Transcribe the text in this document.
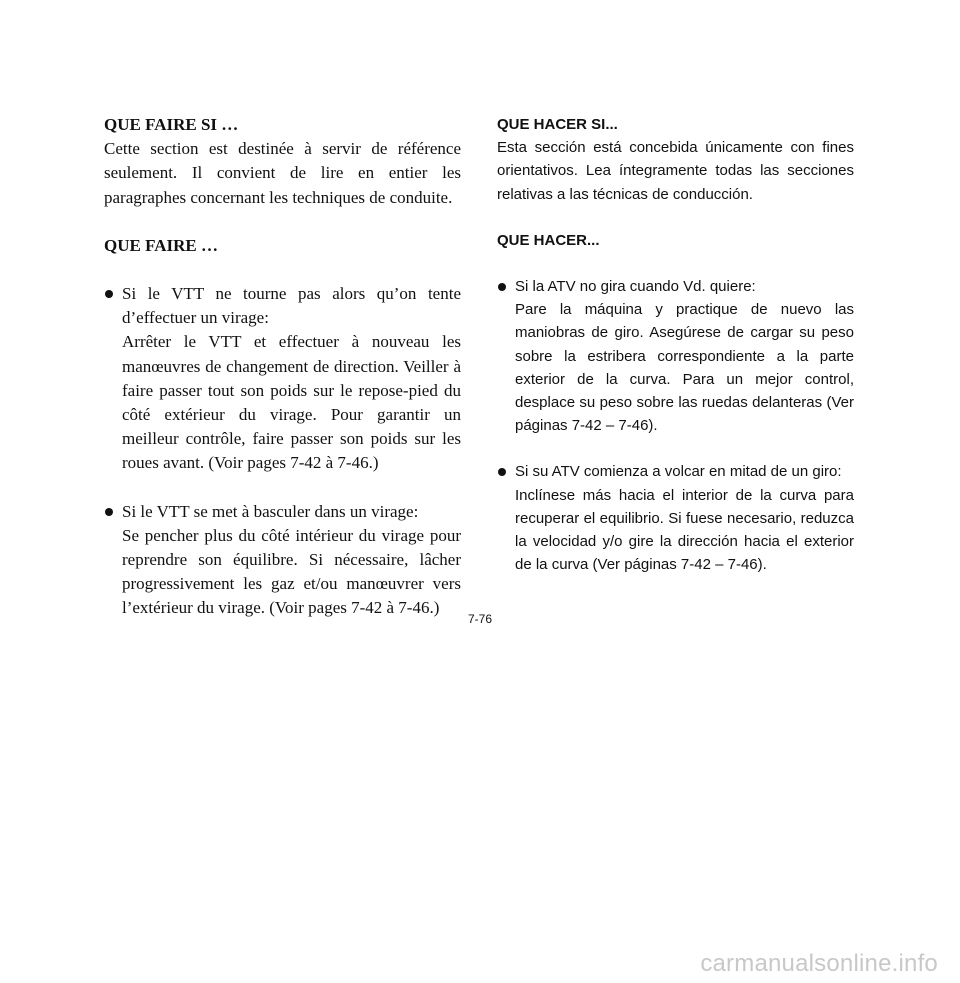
QUE FAIRE SI …

Cette section est destinée à servir de référence seulement. Il convient de lire en entier les paragraphes concernant les techniques de conduite.

QUE FAIRE …

Si le VTT ne tourne pas alors qu’on tente d’effectuer un virage:
Arrêter le VTT et effectuer à nouveau les manœuvres de changement de direction. Veiller à faire passer tout son poids sur le repose-pied du côté extérieur du virage. Pour garantir un meilleur contrôle, faire passer son poids sur les roues avant. (Voir pages 7-42 à 7-46.)
Si le VTT se met à basculer dans un virage:
Se pencher plus du côté intérieur du virage pour reprendre son équilibre. Si nécessaire, lâcher progressivement les gaz et/ou manœuvrer vers l’extérieur du virage. (Voir pages 7-42 à 7-46.)

QUE HACER SI...

Esta sección está concebida únicamente con fines orientativos. Lea íntegramente todas las secciones relativas a las técnicas de conducción.

QUE HACER...

Si la ATV no gira cuando Vd. quiere:
Pare la máquina y practique de nuevo las maniobras de giro. Asegúrese de cargar su peso sobre la estribera correspondiente a la parte exterior de la curva. Para un mejor control, desplace su peso sobre las ruedas delanteras (Ver páginas 7-42 – 7-46).
Si su ATV comienza a volcar en mitad de un giro:
Inclínese más hacia el interior de la curva para recuperar el equilibrio. Si fuese necesario, reduzca la velocidad y/o gire la dirección hacia el exterior de la curva (Ver páginas 7-42 – 7-46).
7-76
carmanualsonline.info
